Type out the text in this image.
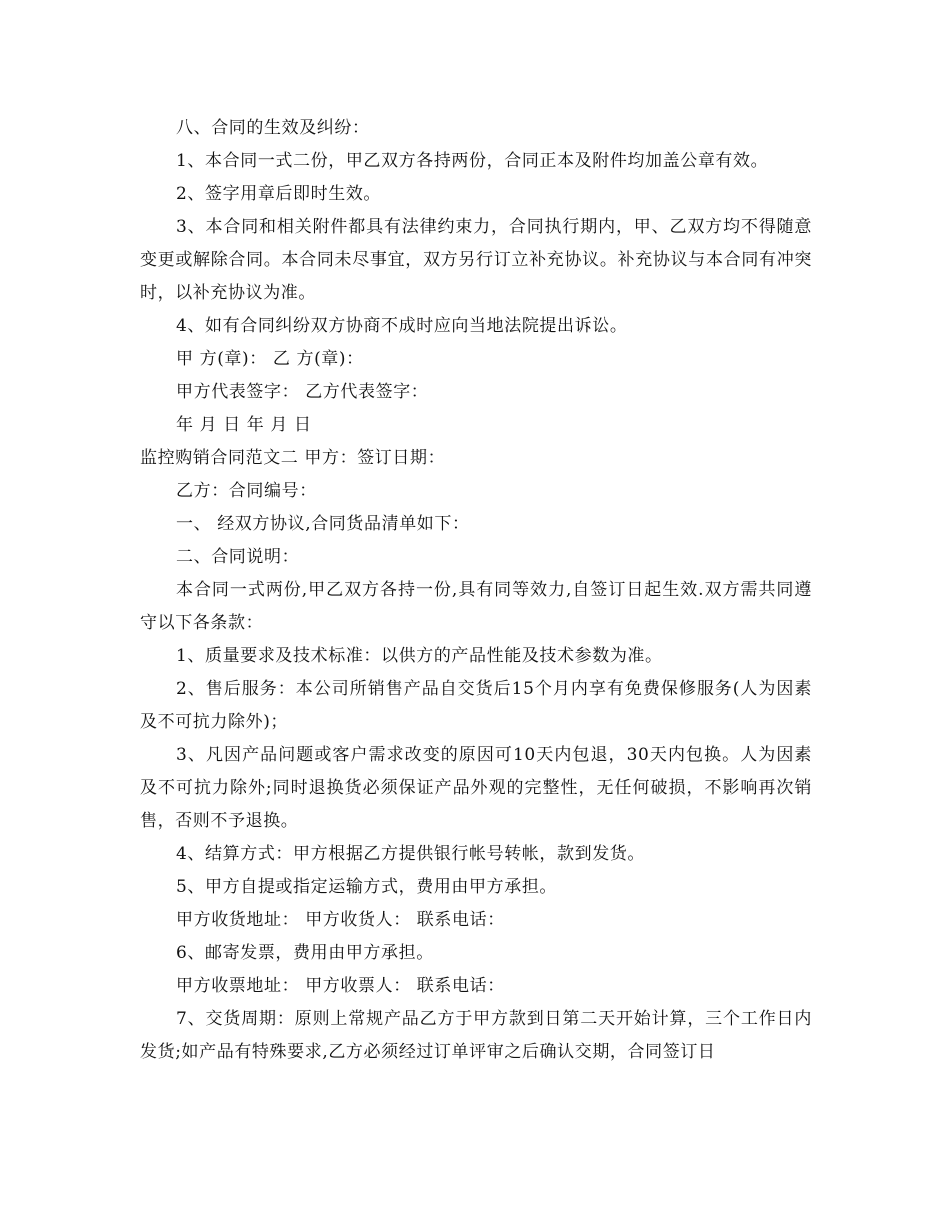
八、合同的生效及纠纷：
1、本合同一式二份，甲乙双方各持两份，合同正本及附件均加盖公章有效。
2、签字用章后即时生效。

3、本合同和相关附件都具有法律约束力，合同执行期内，甲、乙双方均不得随意变更或解除合同。本合同未尽事宜，双方另行订立补充协议。补充协议与本合同有冲突时，以补充协议为准。

4、如有合同纠纷双方协商不成时应向当地法院提出诉讼。
甲 方(章)： 乙 方(章)：
甲方代表签字： 乙方代表签字：
年 月 日 年 月 日
监控购销合同范文二 甲方：签订日期：
乙方：合同编号：
一、 经双方协议,合同货品清单如下：
二、合同说明：

本合同一式两份,甲乙双方各持一份,具有同等效力,自签订日起生效.双方需共同遵守以下各条款：

1、质量要求及技术标准：以供方的产品性能及技术参数为准。

2、售后服务：本公司所销售产品自交货后15个月内享有免费保修服务(人为因素及不可抗力除外)；

3、凡因产品问题或客户需求改变的原因可10天内包退，30天内包换。人为因素及不可抗力除外;同时退换货必须保证产品外观的完整性，无任何破损，不影响再次销售，否则不予退换。

4、结算方式：甲方根据乙方提供银行帐号转帐，款到发货。
5、甲方自提或指定运输方式，费用由甲方承担。
甲方收货地址： 甲方收货人： 联系电话：
6、邮寄发票，费用由甲方承担。
甲方收票地址： 甲方收票人： 联系电话：

7、交货周期：原则上常规产品乙方于甲方款到日第二天开始计算，三个工作日内发货;如产品有特殊要求,乙方必须经过订单评审之后确认交期，合同签订日
